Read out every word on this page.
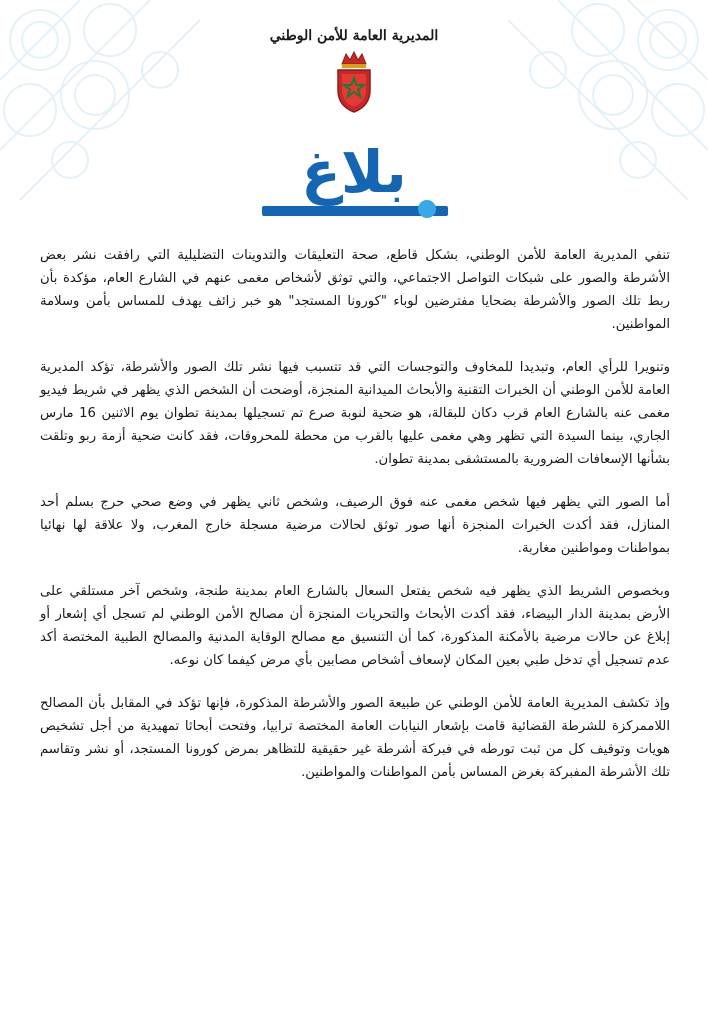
المديرية العامة للأمن الوطني

بلاغ

تنفي المديرية العامة للأمن الوطني، بشكل قاطع، صحة التعليقات والتدوينات التضليلية التي رافقت نشر بعض الأشرطة والصور على شبكات التواصل الاجتماعي، والتي توثق لأشخاص مغمى عنهم في الشارع العام، مؤكدة بأن ربط تلك الصور والأشرطة بضحايا مفترضين لوباء "كورونا المستجد" هو خبر زائف يهدف للمساس بأمن وسلامة المواطنين.

وتنويرا للرأي العام، وتبديدا للمخاوف والتوجسات التي قد تتسبب فيها نشر تلك الصور والأشرطة، تؤكد المديرية العامة للأمن الوطني أن الخبرات التقنية والأبحاث الميدانية المنجزة، أوضحت أن الشخص الذي يظهر في شريط فيديو مغمى عنه بالشارع العام قرب دكان للبقالة، هو ضحية لنوبة صرع تم تسجيلها بمدينة تطوان يوم الاثنين 16 مارس الجاري، بينما السيدة التي تظهر وهي مغمى عليها بالقرب من محطة للمحروقات، فقد كانت ضحية أزمة ربو وتلقت بشأنها الإسعافات الضرورية بالمستشفى بمدينة تطوان.

أما الصور التي يظهر فيها شخص مغمى عنه فوق الرصيف، وشخص ثاني يظهر في وضع صحي حرج بسلم أحد المنازل، فقد أكدت الخبرات المنجزة أنها صور توثق لحالات مرضية مسجلة خارج المغرب، ولا علاقة لها نهائيا بمواطنات ومواطنين مغاربة.

وبخصوص الشريط الذي يظهر فيه شخص يفتعل السعال بالشارع العام بمدينة طنجة، وشخص آخر مستلقي على الأرض بمدينة الدار البيضاء، فقد أكدت الأبحاث والتحريات المنجزة أن مصالح الأمن الوطني لم تسجل أي إشعار أو إبلاغ عن حالات مرضية بالأمكنة المذكورة، كما أن التنسيق مع مصالح الوقاية المدنية والمصالح الطبية المختصة أكد عدم تسجيل أي تدخل طبي بعين المكان لإسعاف أشخاص مصابين بأي مرض كيفما كان نوعه.

وإذ تكشف المديرية العامة للأمن الوطني عن طبيعة الصور والأشرطة المذكورة، فإنها تؤكد في المقابل بأن المصالح اللاممركزة للشرطة القضائية قامت بإشعار النيابات العامة المختصة ترابيا، وفتحت أبحاثا تمهيدية من أجل تشخيص هويات وتوقيف كل من ثبت تورطه في فبركة أشرطة غير حقيقية للتظاهر بمرض كورونا المستجد، أو نشر وتقاسم تلك الأشرطة المفبركة بغرض المساس بأمن المواطنات والمواطنين.
